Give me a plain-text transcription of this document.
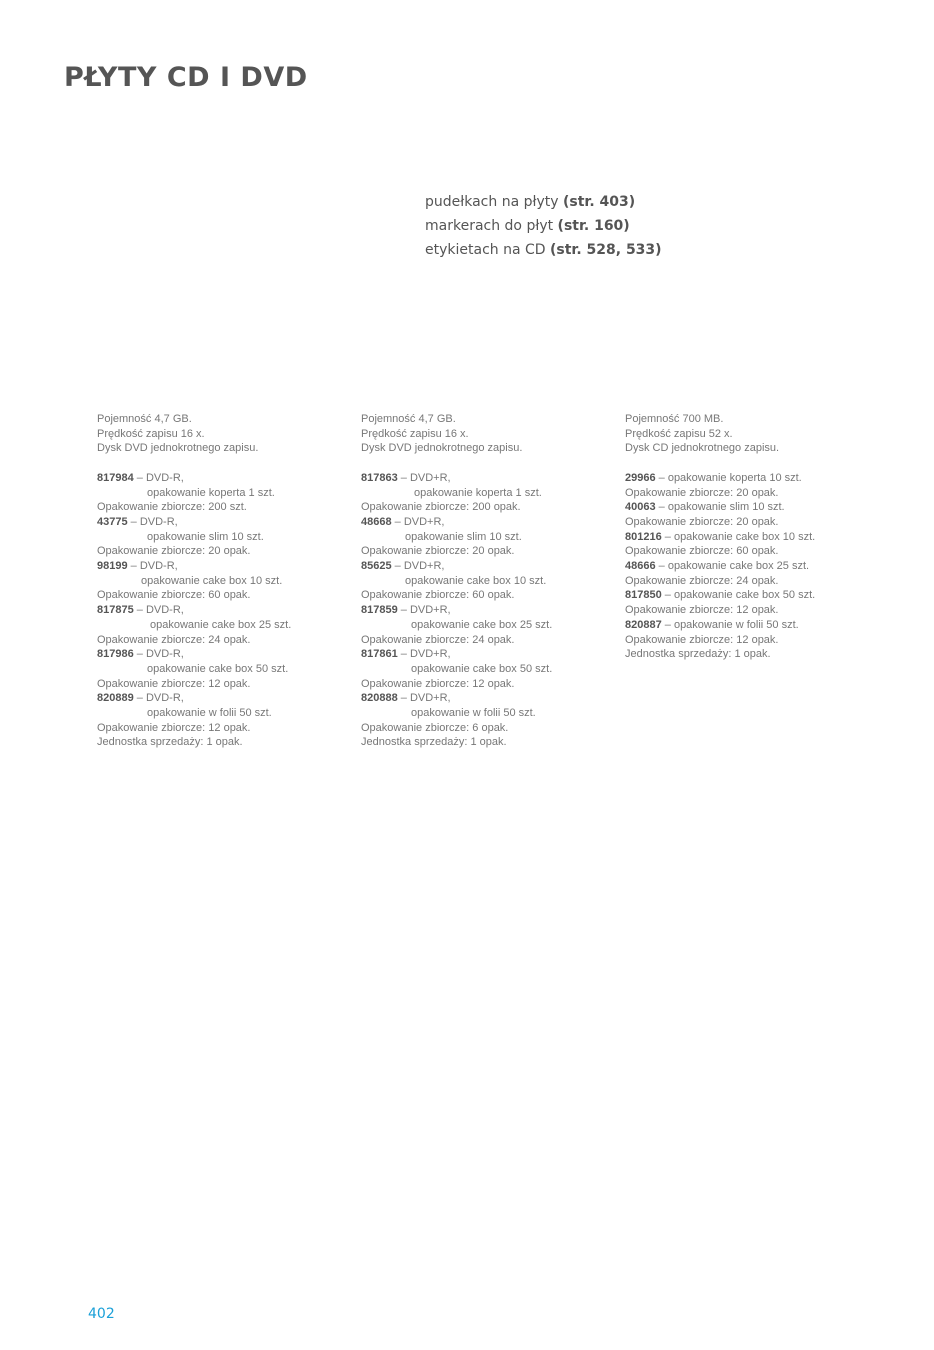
PŁYTY CD I DVD
pudełkach na płyty (str. 403)
markerach do płyt (str. 160)
etykietach na CD (str. 528, 533)
Pojemność 4,7 GB.
Prędkość zapisu 16 x.
Dysk DVD jednokrotnego zapisu.
817984 – DVD-R,
opakowanie koperta 1 szt.
Opakowanie zbiorcze: 200 szt.
43775 – DVD-R,
opakowanie slim 10 szt.
Opakowanie zbiorcze: 20 opak.
98199 – DVD-R,
opakowanie cake box 10 szt.
Opakowanie zbiorcze: 60 opak.
817875 – DVD-R,
opakowanie cake box 25 szt.
Opakowanie zbiorcze: 24 opak.
817986 – DVD-R,
opakowanie cake box 50 szt.
Opakowanie zbiorcze: 12 opak.
820889 – DVD-R,
opakowanie w folii 50 szt.
Opakowanie zbiorcze: 12 opak.
Jednostka sprzedaży: 1 opak.
Pojemność 4,7 GB.
Prędkość zapisu 16 x.
Dysk DVD jednokrotnego zapisu.
817863 – DVD+R,
opakowanie koperta 1 szt.
Opakowanie zbiorcze: 200 opak.
48668 – DVD+R,
opakowanie slim 10 szt.
Opakowanie zbiorcze: 20 opak.
85625 – DVD+R,
opakowanie cake box 10 szt.
Opakowanie zbiorcze: 60 opak.
817859 – DVD+R,
opakowanie cake box 25 szt.
Opakowanie zbiorcze: 24 opak.
817861 – DVD+R,
opakowanie cake box 50 szt.
Opakowanie zbiorcze: 12 opak.
820888 – DVD+R,
opakowanie w folii 50 szt.
Opakowanie zbiorcze: 6 opak.
Jednostka sprzedaży: 1 opak.
Pojemność 700 MB.
Prędkość zapisu 52 x.
Dysk CD jednokrotnego zapisu.
29966 – opakowanie koperta 10 szt.
Opakowanie zbiorcze: 20 opak.
40063 – opakowanie slim 10 szt.
Opakowanie zbiorcze: 20 opak.
801216 – opakowanie cake box 10 szt.
Opakowanie zbiorcze: 60 opak.
48666 – opakowanie cake box 25 szt.
Opakowanie zbiorcze: 24 opak.
817850 – opakowanie cake box 50 szt.
Opakowanie zbiorcze: 12 opak.
820887 – opakowanie w folii 50 szt.
Opakowanie zbiorcze: 12 opak.
Jednostka sprzedaży: 1 opak.
402
